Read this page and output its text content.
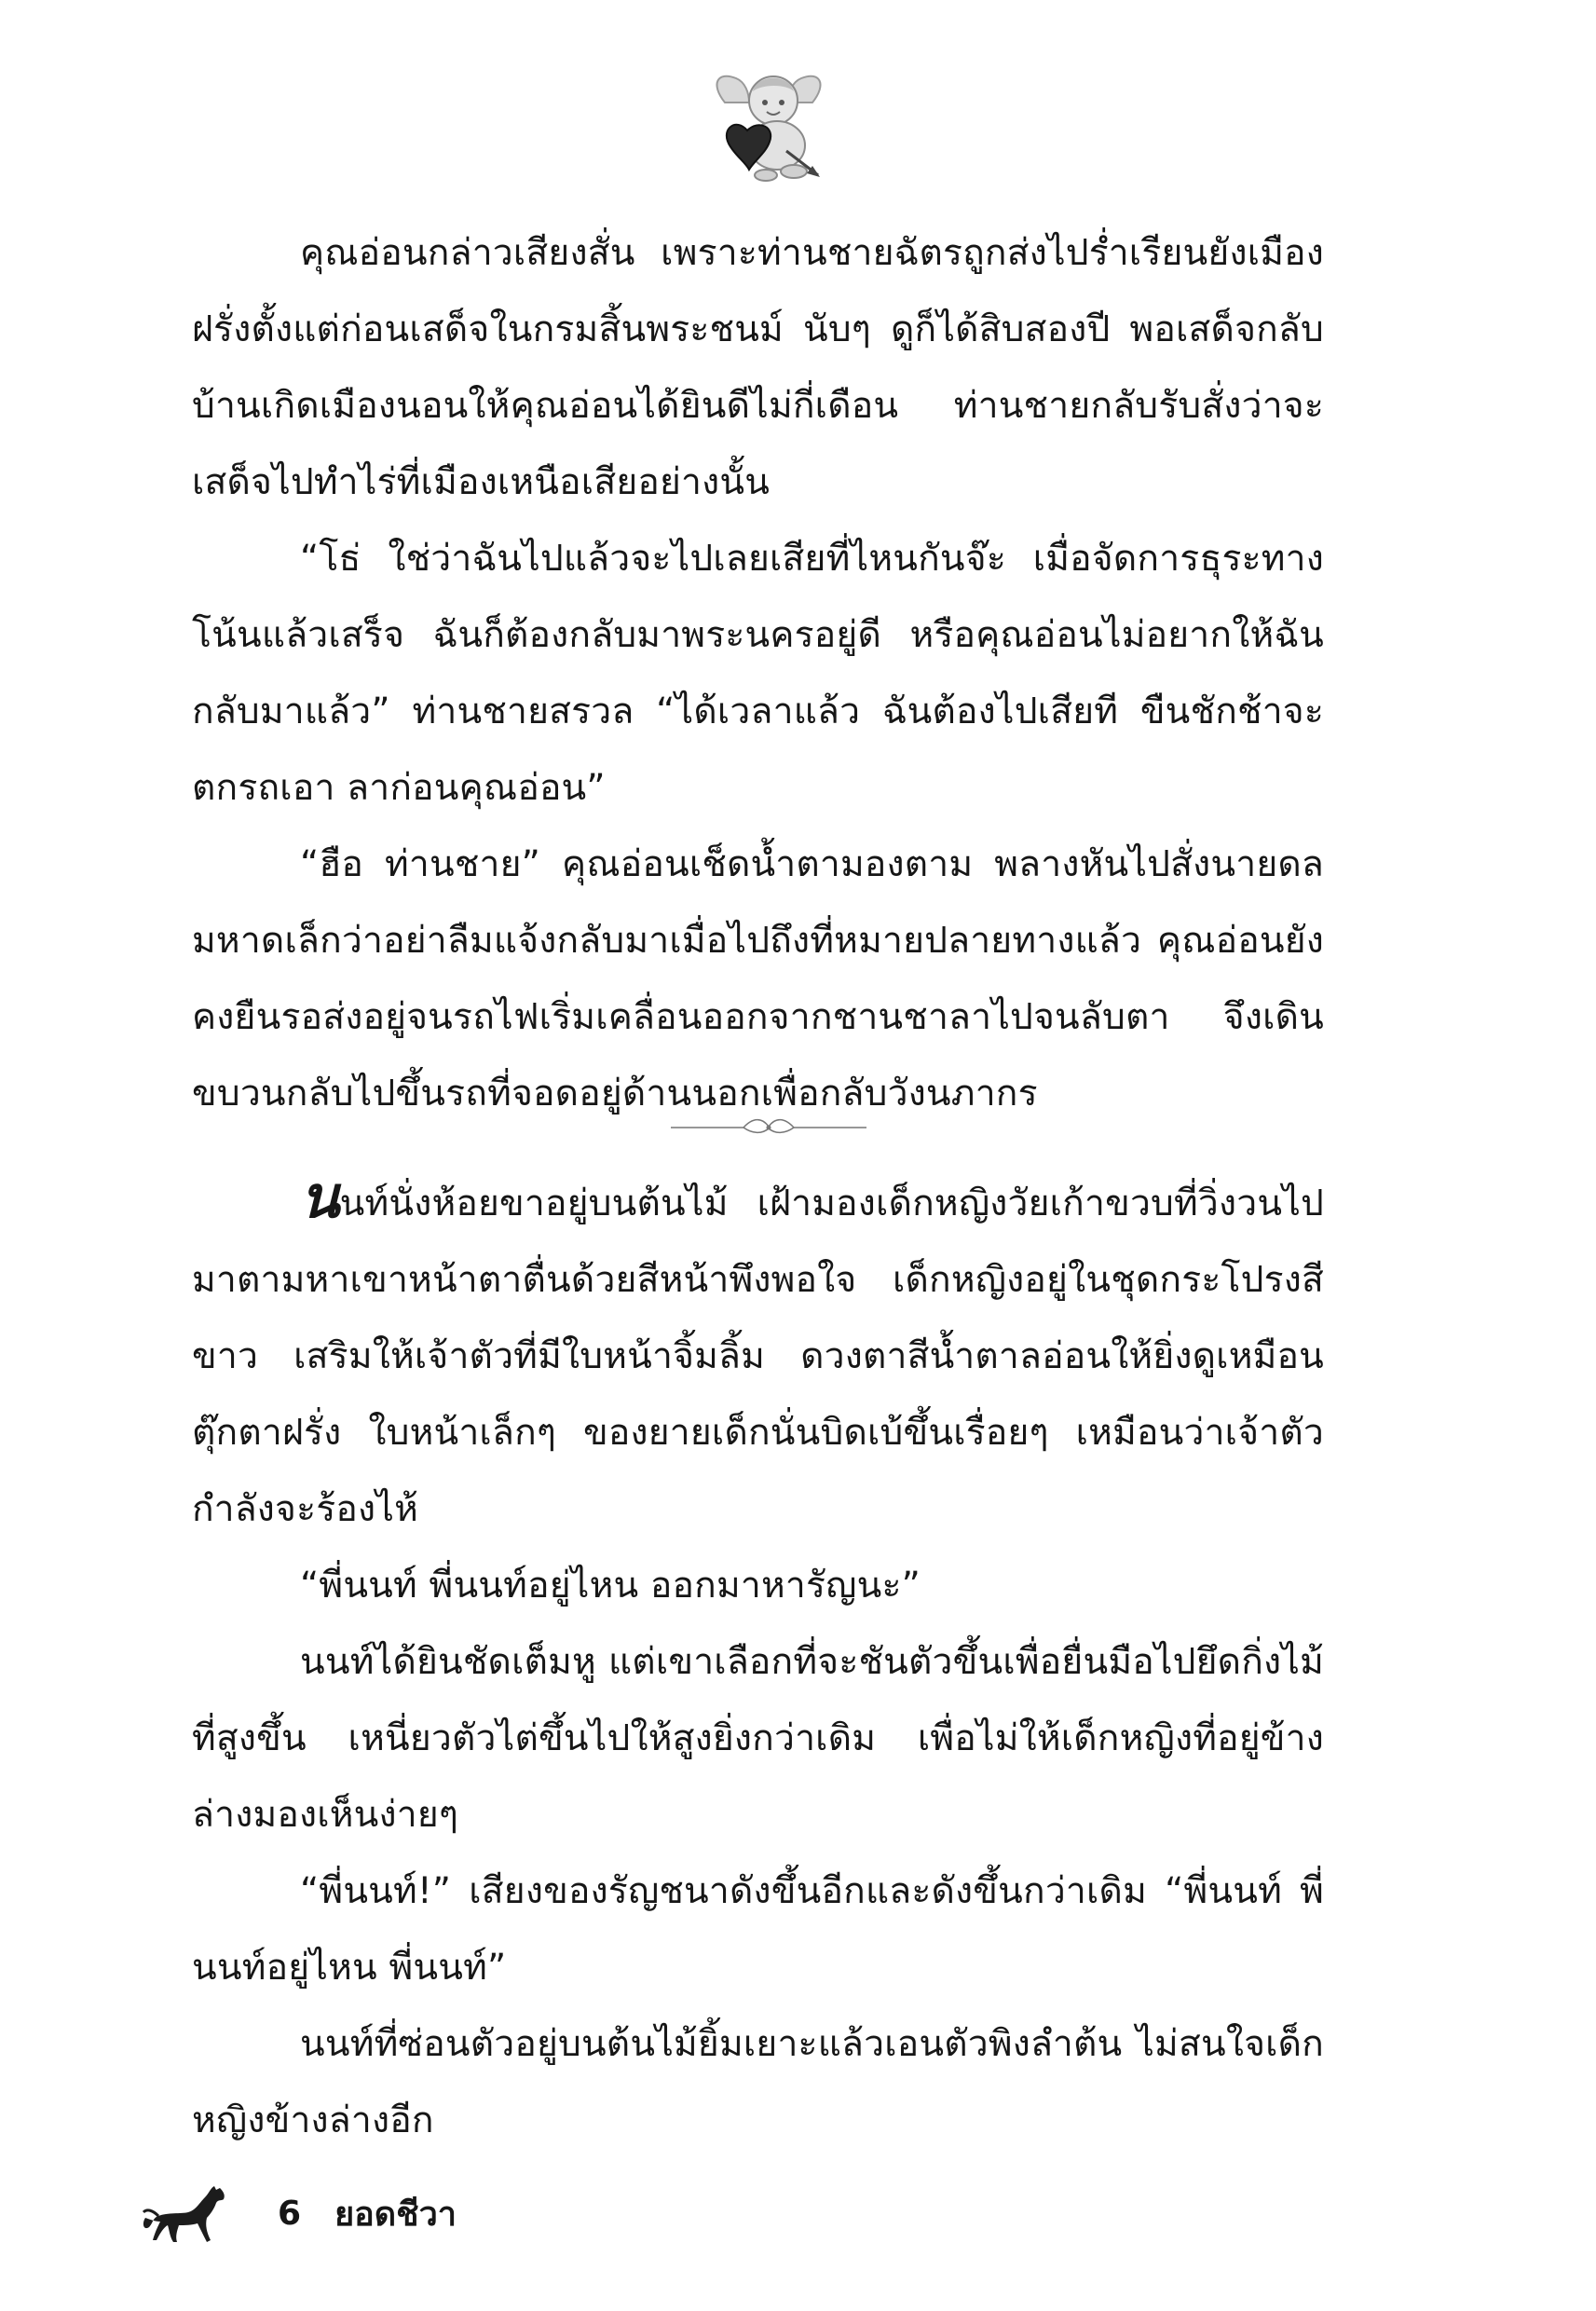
คุณอ่อนกล่าวเสียงสั่น เพราะท่านชายฉัตรถูกส่งไปร่ำเรียนยังเมืองฝรั่งตั้งแต่ก่อนเสด็จในกรมสิ้นพระชนม์ นับๆ ดูก็ได้สิบสองปี พอเสด็จกลับบ้านเกิดเมืองนอนให้คุณอ่อนได้ยินดีไม่กี่เดือน ท่านชายกลับรับสั่งว่าจะเสด็จไปทำไร่ที่เมืองเหนือเสียอย่างนั้น

“โธ่ ใช่ว่าฉันไปแล้วจะไปเลยเสียที่ไหนกันจ๊ะ เมื่อจัดการธุระทางโน้นแล้วเสร็จ ฉันก็ต้องกลับมาพระนครอยู่ดี หรือคุณอ่อนไม่อยากให้ฉันกลับมาแล้ว” ท่านชายสรวล “ได้เวลาแล้ว ฉันต้องไปเสียที ขืนชักช้าจะตกรถเอา ลาก่อนคุณอ่อน”

“ฮือ ท่านชาย” คุณอ่อนเช็ดน้ำตามองตาม พลางหันไปสั่งนายดลมหาดเล็กว่าอย่าลืมแจ้งกลับมาเมื่อไปถึงที่หมายปลายทางแล้ว คุณอ่อนยังคงยืนรอส่งอยู่จนรถไฟเริ่มเคลื่อนออกจากชานชาลาไปจนลับตา จึงเดินขบวนกลับไปขึ้นรถที่จอดอยู่ด้านนอกเพื่อกลับวังนภากร

นนท์นั่งห้อยขาอยู่บนต้นไม้ เฝ้ามองเด็กหญิงวัยเก้าขวบที่วิ่งวนไปมาตามหาเขาหน้าตาตื่นด้วยสีหน้าพึงพอใจ เด็กหญิงอยู่ในชุดกระโปรงสีขาว เสริมให้เจ้าตัวที่มีใบหน้าจิ้มลิ้ม ดวงตาสีน้ำตาลอ่อนให้ยิ่งดูเหมือนตุ๊กตาฝรั่ง ใบหน้าเล็กๆ ของยายเด็กนั่นบิดเบ้ขึ้นเรื่อยๆ เหมือนว่าเจ้าตัวกำลังจะร้องไห้

“พี่นนท์ พี่นนท์อยู่ไหน ออกมาหารัญนะ”

นนท์ได้ยินชัดเต็มหู แต่เขาเลือกที่จะชันตัวขึ้นเพื่อยื่นมือไปยึดกิ่งไม้ที่สูงขึ้น เหนี่ยวตัวไต่ขึ้นไปให้สูงยิ่งกว่าเดิม เพื่อไม่ให้เด็กหญิงที่อยู่ข้างล่างมองเห็นง่ายๆ

“พี่นนท์!” เสียงของรัญชนาดังขึ้นอีกและดังขึ้นกว่าเดิม “พี่นนท์ พี่นนท์อยู่ไหน พี่นนท์”

นนท์ที่ซ่อนตัวอยู่บนต้นไม้ยิ้มเยาะแล้วเอนตัวพิงลำต้น ไม่สนใจเด็กหญิงข้างล่างอีก

6 ยอดชีวา
